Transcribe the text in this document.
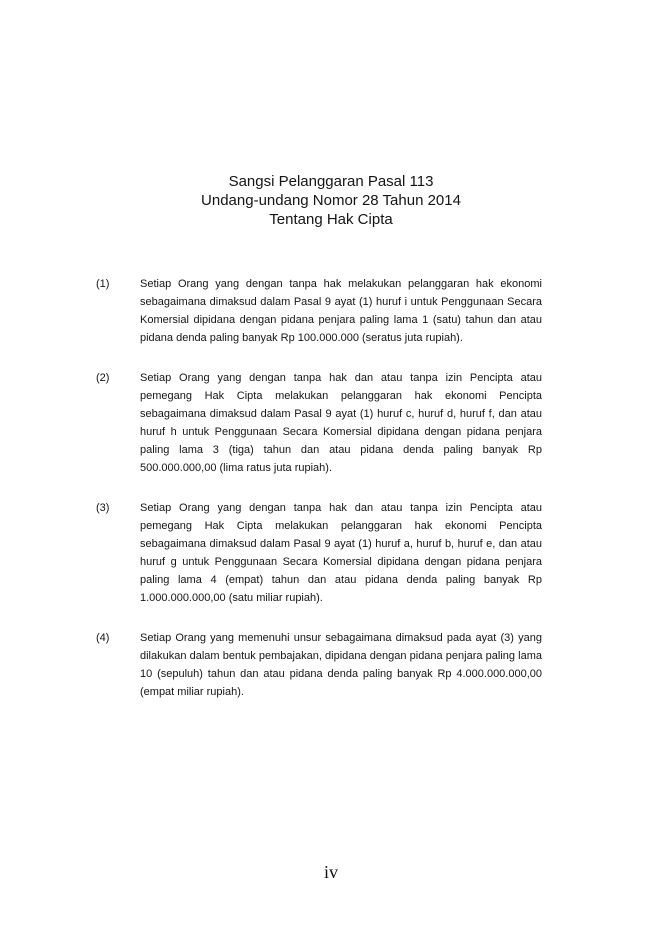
Sangsi Pelanggaran Pasal 113
Undang-undang Nomor 28 Tahun 2014
Tentang Hak Cipta
(1)	Setiap Orang yang dengan tanpa hak melakukan pelanggaran hak ekonomi sebagaimana dimaksud dalam Pasal 9 ayat (1) huruf i untuk Penggunaan Secara Komersial dipidana dengan pidana penjara paling lama 1 (satu) tahun dan atau pidana denda paling banyak Rp 100.000.000 (seratus juta rupiah).
(2)	Setiap Orang yang dengan tanpa hak dan atau tanpa izin Pencipta atau pemegang Hak Cipta melakukan pelanggaran hak ekonomi Pencipta sebagaimana dimaksud dalam Pasal 9 ayat (1) huruf c, huruf d, huruf f, dan atau huruf h untuk Penggunaan Secara Komersial dipidana dengan pidana penjara paling lama 3 (tiga) tahun dan atau pidana denda paling banyak Rp 500.000.000,00 (lima ratus juta rupiah).
(3)	Setiap Orang yang dengan tanpa hak dan atau tanpa izin Pencipta atau pemegang Hak Cipta melakukan pelanggaran hak ekonomi Pencipta sebagaimana dimaksud dalam Pasal 9 ayat (1) huruf a, huruf b, huruf e, dan atau huruf g untuk Penggunaan Secara Komersial dipidana dengan pidana penjara paling lama 4 (empat) tahun dan atau pidana denda paling banyak Rp 1.000.000.000,00 (satu miliar rupiah).
(4)	Setiap Orang yang memenuhi unsur sebagaimana dimaksud pada ayat (3) yang dilakukan dalam bentuk pembajakan, dipidana dengan pidana penjara paling lama 10 (sepuluh) tahun dan atau pidana denda paling banyak Rp 4.000.000.000,00 (empat miliar rupiah).
iv
